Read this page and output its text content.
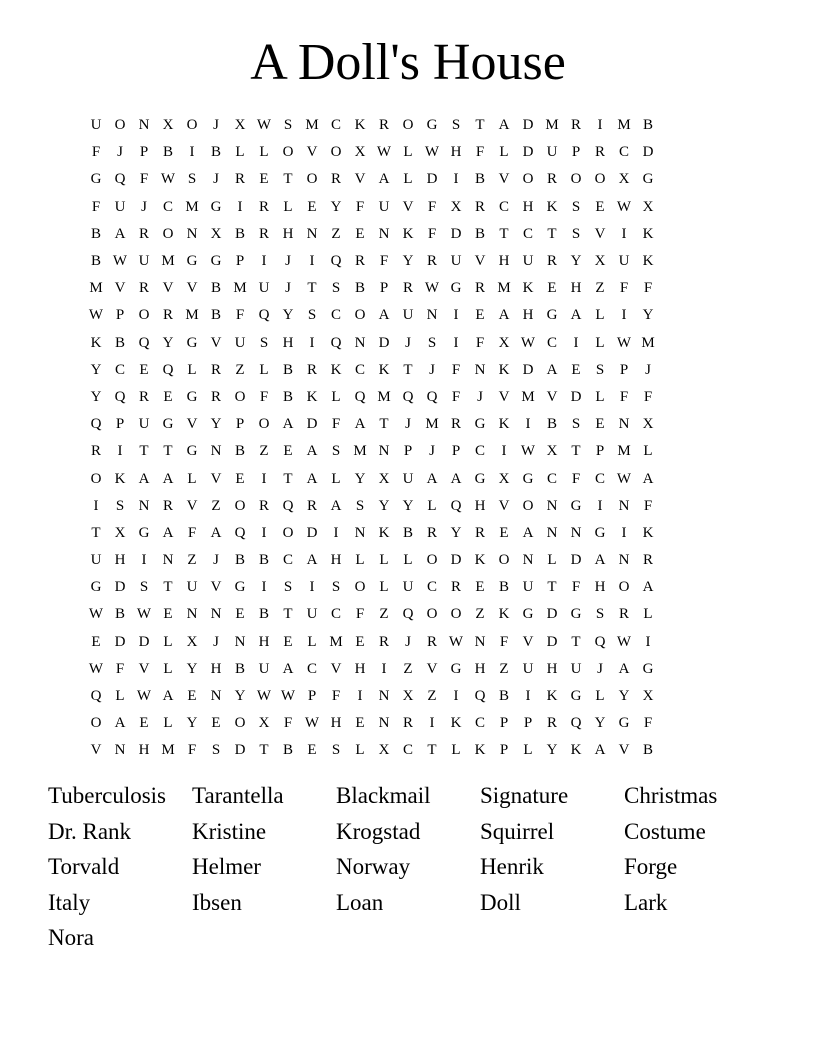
A Doll's House
U O N X O	J	X W S M C K R O G S	T A D M R	I M B
F	J	P B	I	B L L O V O X W L W H F	L D U P R C D
G Q F W S	J	R E T O R V A L D	I	B V O R O O X G
F U	J	C M G	I	R L E Y F U V F X R C H K S	E W X
B A R O N X B R H N Z E N K F D B T C T	S V	I	K
B W U M G G P	I	J	I	Q R F Y R U V H U R Y X U K
M V R V V B M U	J	T	S B P R W G R M K E H Z	F	F
W P O R M B F Q Y S C O A U N	I	E A H G A L	I	Y
K B Q Y G V U S H	I	Q N D	J	S	I	F X W C	I	L W M
Y C E Q L R Z L B R K C K T	J	F N K D A E	S	P	J
Y Q R E G R O F B K L Q M Q Q F	J	V M V D L	F	F
Q P U G V Y P O A D F A T	J M R G K	I	B S	E N X
R	I	T T G N B Z E A S M N P	J	P C	I W X T	P M L
O K A A L V E	I	T A L Y X U A A G X G C F C W A
I	S N R V Z O R Q R A S Y Y L Q H V O N G	I	N F
T X G A F A Q	I	O D	I	N K B R Y R E A N N G	I	K
U H	I	N Z	J	B B C A H L L L O D K O N L D A N R
G D S	T U V G	I	S	I	S O L U C R E B U T	F H O A
W B W E N N E B T U C F	Z Q O O Z K G D G S R L
E D D L X	J	N H E L M E R	J	R W N F V D T Q W I
W F V L Y H B U A C V H	I	Z V G H Z U H U	J	A G
Q L W A E N Y W W P	F	I	N X Z	I	Q B	I	K G L Y X
O A E L Y E O X F W H E N R	I	K C P	P R Q Y G F
V N H M F	S D T B E	S	L X C T L K P	L Y K A V B
Tuberculosis	Tarantella	Blackmail	Signature	Christmas
Dr. Rank	Kristine	Krogstad	Squirrel	Costume
Torvald	Helmer	Norway	Henrik	Forge
Italy	Ibsen	Loan	Doll	Lark
Nora
